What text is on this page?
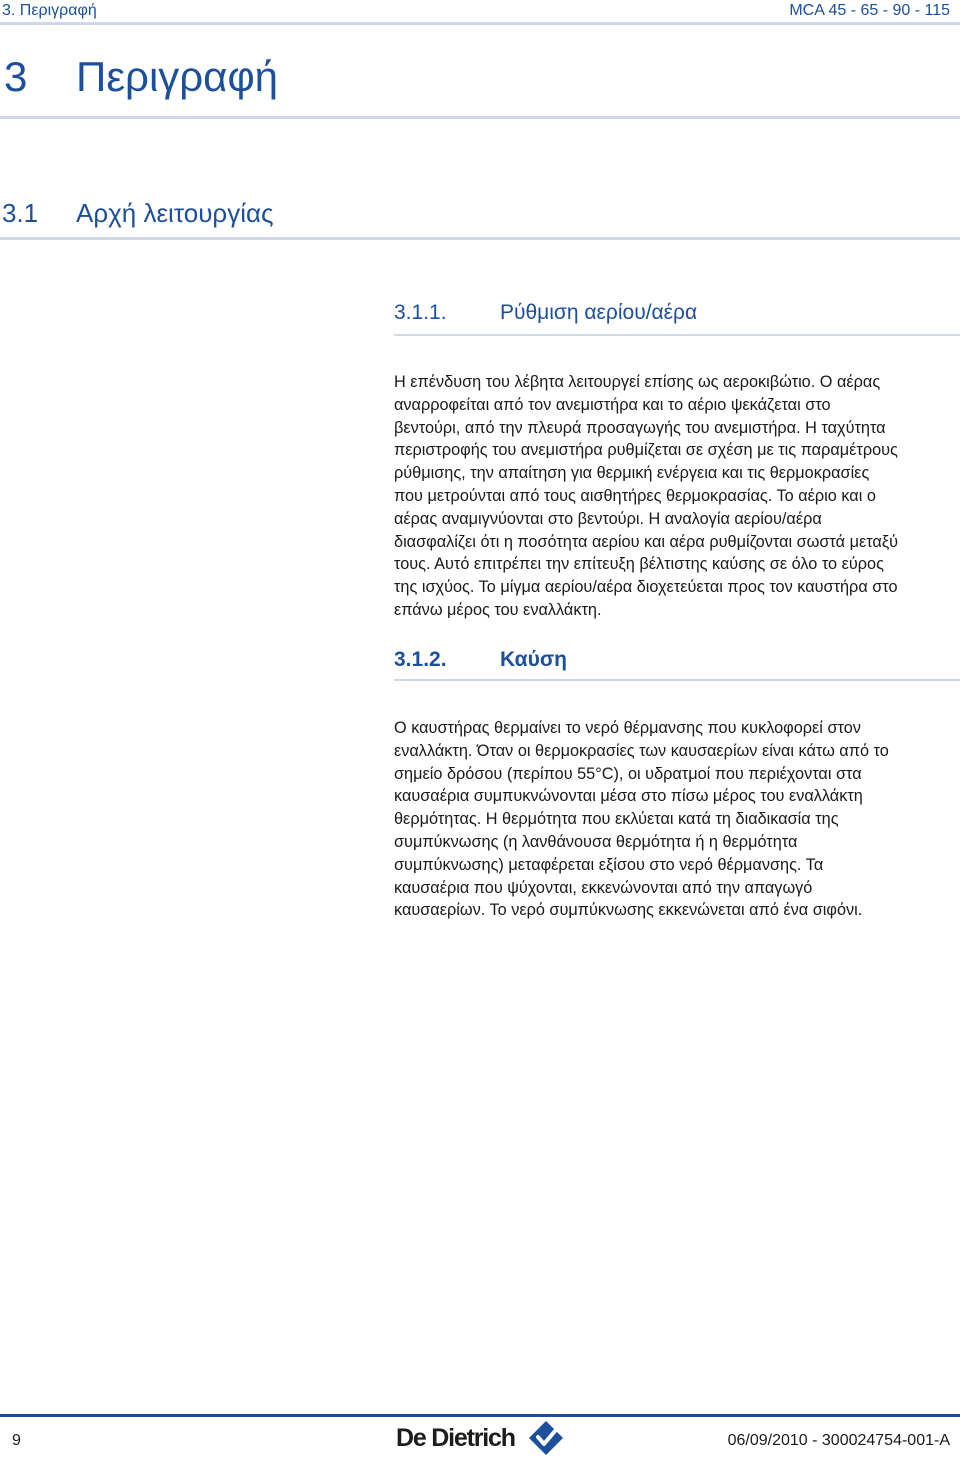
3. Περιγραφή	MCA 45 - 65 - 90 - 115
3 Περιγραφή
3.1 Αρχή λειτουργίας
3.1.1.	Ρύθμιση αερίου/αέρα
Η επένδυση του λέβητα λειτουργεί επίσης ως αεροκιβώτιο. Ο αέρας
αναρροφείται από τον ανεμιστήρα και το αέριο ψεκάζεται στο
βεντούρι, από την πλευρά προσαγωγής του ανεμιστήρα. Η ταχύτητα
περιστροφής του ανεμιστήρα ρυθμίζεται σε σχέση με τις παραμέτρους
ρύθμισης, την απαίτηση για θερμική ενέργεια και τις θερμοκρασίες
που μετρούνται από τους αισθητήρες θερμοκρασίας. Το αέριο και ο
αέρας αναμιγνύονται στο βεντούρι. Η αναλογία αερίου/αέρα
διασφαλίζει ότι η ποσότητα αερίου και αέρα ρυθμίζονται σωστά μεταξύ
τους. Αυτό επιτρέπει την επίτευξη βέλτιστης καύσης σε όλο το εύρος
της ισχύος. Το μίγμα αερίου/αέρα διοχετεύεται προς τον καυστήρα στο
επάνω μέρος του εναλλάκτη.
3.1.2.	Καύση
Ο καυστήρας θερμαίνει το νερό θέρμανσης που κυκλοφορεί στον
εναλλάκτη. Όταν οι θερμοκρασίες των καυσαερίων είναι κάτω από το
σημείο δρόσου (περίπου 55°C), οι υδρατμοί που περιέχονται στα
καυσαέρια συμπυκνώνονται μέσα στο πίσω μέρος του εναλλάκτη
θερμότητας. Η θερμότητα που εκλύεται κατά τη διαδικασία της
συμπύκνωσης (η λανθάνουσα θερμότητα ή η θερμότητα
συμπύκνωσης) μεταφέρεται εξίσου στο νερό θέρμανσης. Τα
καυσαέρια που ψύχονται, εκκενώνονται από την απαγωγό
καυσαερίων. Το νερό συμπύκνωσης εκκενώνεται από ένα σιφόνι.
9	De Dietrich	06/09/2010 - 300024754-001-A
